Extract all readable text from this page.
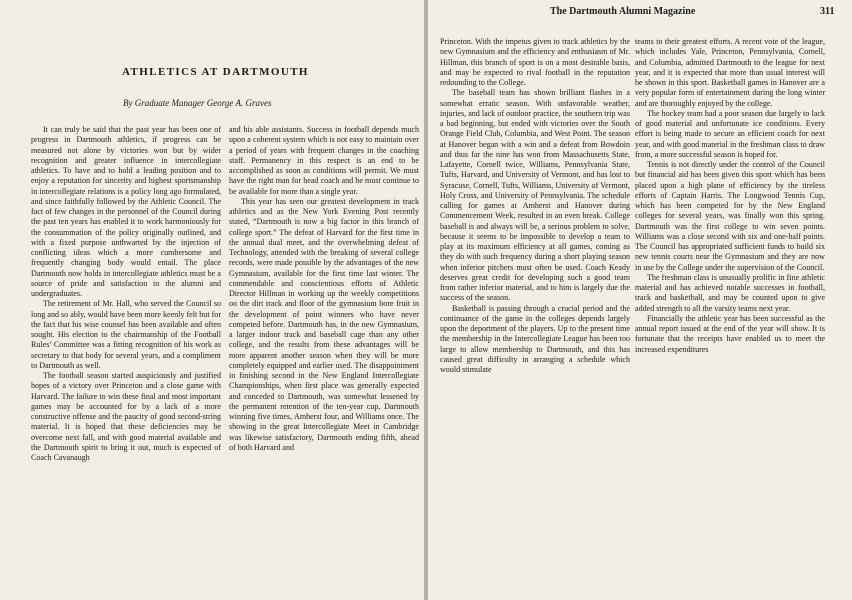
ATHLETICS AT DARTMOUTH

By Graduate Manager George A. Graves

It can truly be said that the past year has been one of progress in Dartmouth athletics, if progress can be measured not alone by victories won but by wider recognition and greater influence in intercollegiate athletics. To have and to hold a leading position and to enjoy a reputation for sincerity and highest sportsmanship in intercollegiate relations is a policy long ago formulated, and since faithfully followed by the Athletic Council. The fact of few changes in the personnel of the Council during the past ten years has enabled it to work harmoniously for the consummation of the policy originally outlined, and with a fixed purpose unthwarted by the injection of conflicting ideas which a more cumbersome and frequently changing body would entail. The place Dartmouth now holds in intercollegiate athletics must be a source of pride and satisfaction to the alumni and undergraduates.

The retirement of Mr. Hall, who served the Council so long and so ably, would have been more keenly felt but for the fact that his wise counsel has been available and often sought. His election to the chairmanship of the Football Rules’ Committee was a fitting recognition of his work as secretary to that body for several years, and a compliment to Dartmouth as well.

The football season started auspiciously and justified hopes of a victory over Princeton and a close game with Harvard. The failure to win these final and most important games may be accounted for by a lack of a more constructive offense and the paucity of good second-string material. It is hoped that these deficiencies may be overcome next fall, and with good material available and the Dartmouth spirit to bring it out, much is expected of Coach Cavanaugh

and his able assistants. Success in football depends much upon a coherent system which is not easy to maintain over a period of years with frequent changes in the coaching staff. Permanency in this respect is an end to be accomplished as soon as conditions will permit. We must have the right man for head coach and he must continue to be available for more than a single year.

This year has seen our greatest development in track athletics and as the New York Evening Post recently stated, “Dartmouth is now a big factor in this branch of college sport.” The defeat of Harvard for the first time in the annual dual meet, and the overwhelming defeat of Technology, attended with the breaking of several college records, were made possible by the advantages of the new Gymnasium, available for the first time last winter. The commendable and conscientious efforts of Athletic Director Hillman in working up the weekly competitions on the dirt track and floor of the gymnasium bore fruit in the development of point winners who have never competed before. Dartmouth has, in the new Gymnasium, a larger indoor track and baseball cage than any other college, and the results from these advantages will be more apparent another season when they will be more completely equipped and earlier used. The disappointment in finishing second in the New England Intercollegiate Championships, when first place was generally expected and conceded to Dartmouth, was somewhat lessened by the permanent retention of the ten-year cup, Dartmouth winning five times, Amherst four, and Williams once. The showing in the great Intercollegiate Meet in Cambridge was likewise satisfactory, Dartmouth ending fifth, ahead of both Harvard and

The Dartmouth Alumni Magazine	311

Princeton. With the impetus given to track athletics by the new Gymnasium and the efficiency and enthusiasm of Mr. Hillman, this branch of sport is on a most desirable basis, and may be expected to rival football in the reputation redounding to the College.

The baseball team has shown brilliant flashes in a somewhat erratic season. With unfavorable weather, injuries, and lack of outdoor practice, the southern trip was a bad beginning, but ended with victories over the South Orange Field Club, Columbia, and West Point. The season at Hanover began with a win and a defeat from Bowdoin and thus far the nine has won from Massachusetts State, Lafayette, Cornell twice, Williams, Pennsylvania State, Tufts, Harvard, and University of Vermont, and has lost to Syracuse, Cornell, Tufts, Williams, University of Vermont, Holy Cross, and University of Pennsylvania. The schedule calling for games at Amherst and Hanover during Commencement Week, resulted in an even break. College baseball is and always will be, a serious problem to solve, because it seems to be impossible to develop a team to play at its maximum efficiency at all games, coming as they do with such frequency during a short playing season when inferior pitchers must often be used. Coach Keady deserves great credit for developing such a good team from rather inferior material, and to him is largely due the success of the season.

Basketball is passing through a crucial period and the continuance of the game in the colleges depends largely upon the deportment of the players. Up to the present time the membership in the Intercollegiate League has been too large to allow membership to Dartmouth, and this has caused great difficulty in arranging a schedule which would stimulate

teams to their greatest efforts. A recent vote of the league, which includes Yale, Princeton, Pennsylvania, Cornell, and Columbia, admitted Dartmouth to the league for next year, and it is expected that more than usual interest will be shown in this sport. Basketball games in Hanover are a very popular form of entertainment during the long winter and are thoroughly enjoyed by the college.

The hockey team had a poor season due largely to lack of good material and unfortunate ice conditions. Every effort is being made to secure an efficient coach for next year, and with good material in the freshman class to draw from, a more successful season is hoped for.

Tennis is not directly under the control of the Council but financial aid has been given this sport which has been placed upon a high plane of efficiency by the tireless efforts of Captain Harris. The Longwood Tennis Cup, which has been competed for by the New England colleges for several years, was finally won this spring. Dartmouth was the first college to win seven points. Williams was a close second with six and one-half points. The Council has appropriated sufficient funds to build six new tennis courts near the Gymnasium and they are now in use by the College under the supervision of the Council.

The freshman class is unusually prolific in fine athletic material and has achieved notable successes in football, track and basketball, and may be counted upon to give added strength to all the varsity teams next year.

Financially the athletic year has been successful as the annual report issued at the end of the year will show. It is fortunate that the receipts have enabled us to meet the increased expenditures
